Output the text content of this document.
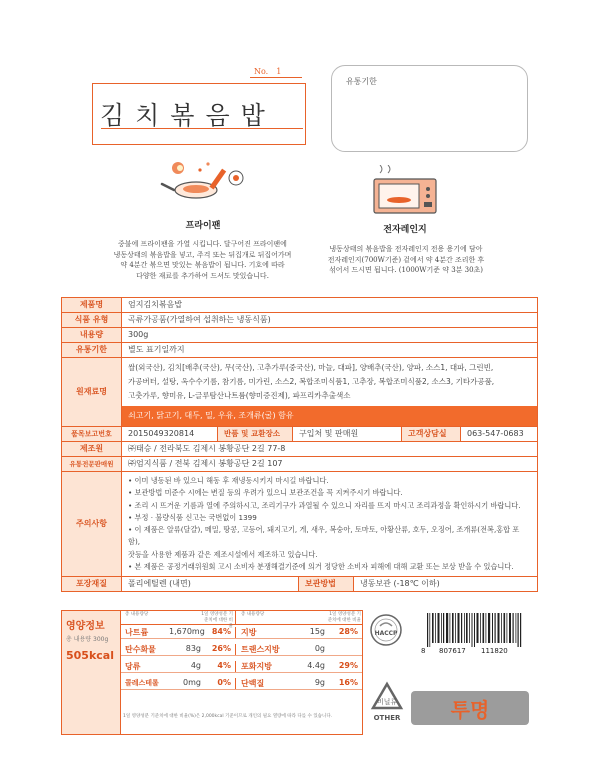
No.　1
김치볶음밥
유통기한
프라이팬
중불에 프라이팬을 가열 시킵니다. 달구어진 프라이팬에
냉동상태의 볶음밥을 넣고, 주걱 또는 뒤집개로 뒤집어가며
약 4분간 볶으면 맛있는 볶음밥이 됩니다. 기호에 따라
다양한 재료를 추가하여 드셔도 맛있습니다.
전자레인지
냉동상태의 볶음밥을 전자레인지 전용 용기에 담아
전자레인지(700W기준) 겉에서 약 4분간 조리한 후
섞어서 드시면 됩니다. (1000W기준 약 3분 30초)
제품명	엄지김치볶음밥
식품 유형	곡류가공품(가열하여 섭취하는 냉동식품)
내용량	300g
유통기한	별도 표기일까지
원재료명
쌀(외국산), 김치[배추(국산), 무(국산), 고추가루(중국산), 마늘, 대파], 양배추(국산), 양파, 소스1, 대파, 그린빈,
가공버터, 설탕, 옥수수기름, 참기름, 미가린, 소스2, 복합조미식품1, 고추장, 복합조미식품2, 소스3, 기타가공품,
고춧가루, 향미유, L-글루탐산나트륨(향미증진제), 파프리카추출색소
쇠고기, 닭고기, 대두, 밀, 우유, 조개류(굴) 함유
품목보고번호	2015049320814	반품 및 교환장소	구입처 및 판매원	고객상담실	063-547-0683
제조원	㈜태승 / 전라북도 김제시 봉황공단 2길 77-8
유통전문판매원	㈜엄지식품 / 전북 김제시 봉황공단 2길 107
주의사항
• 이미 냉동된 바 있으니 해동 후 재냉동시키지 마시길 바랍니다.
• 보관방법 미준수 시에는 변질 등의 우려가 있으니 보관조건을 꼭 지켜주시기 바랍니다.
• 조리 시 뜨거운 기름과 열에 주의하시고, 조리기구가 과열될 수 있으니 자리를 뜨지 마시고 조리과정을 확인하시기 바랍니다.
• 부정 · 불량식품 신고는 국번없이 1399
• 이 제품은 알류(달걀), 메밀, 땅콩, 고등어, 돼지고기, 게, 새우, 복숭아, 토마토, 아황산류, 호두, 오징어, 조개류(전복,홍합 포함),
잣등을 사용한 제품과 같은 제조시설에서 제조하고 있습니다.
• 본 제품은 공정거래위원회 고시 소비자 분쟁해결기준에 의거 정당한 소비자 피해에 대해 교환 또는 보상 받을 수 있습니다.
포장재질	폴리에틸렌 (내면)	보관방법	냉동보관 (-18℃ 이하)
영양정보
총 내용량 300g
505kcal
총 내용량당	1일 영양성분 기준치에 대한 비율
총 내용량당	1일 영양성분 기준치에 대한 비율
나트륨	1,670mg 84%	지방	15g	28%
탄수화물	83g	26%	트랜스지방	0g
당류	4g	4%	포화지방	4.4g	29%
콜레스테롤	0mg	0%	단백질	9g	16%
1일 영양성분 기준치에 대한 비율(%)은 2,000kcal 기준이므로 개인의 필요 열량에 따라 다를 수 있습니다.
HACCP
비닐류
OTHER
8 807617 111820
투명
